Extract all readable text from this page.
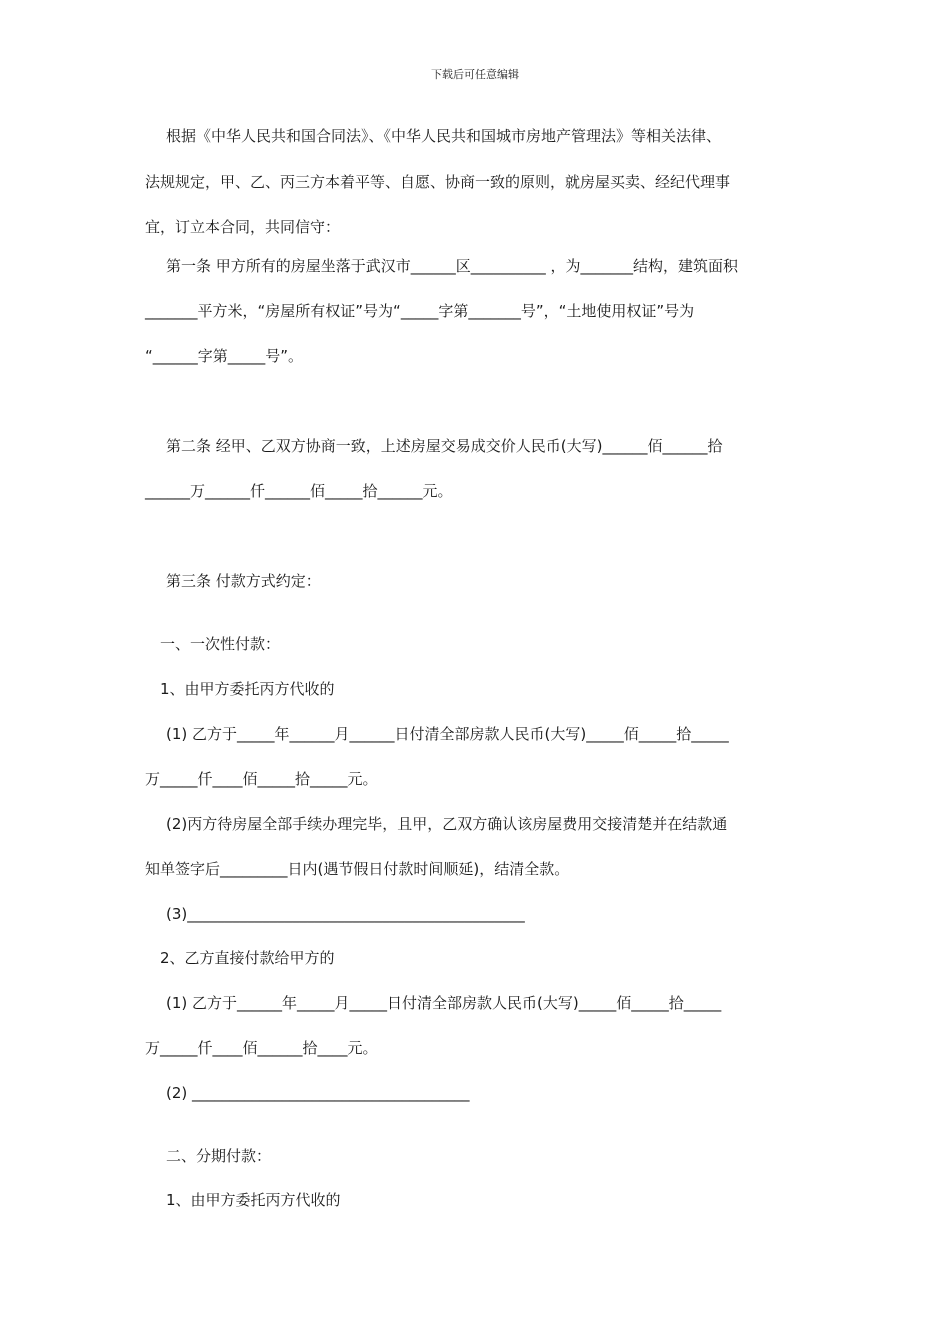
下载后可任意编辑
根据《中华人民共和国合同法》、《中华人民共和国城市房地产管理法》等相关法律、
法规规定，甲、乙、丙三方本着平等、自愿、协商一致的原则，就房屋买卖、经纪代理事
宜，订立本合同，共同信守：
第一条 甲方所有的房屋坐落于武汉市______区__________ ，为_______结构，建筑面积
_______平方米，“房屋所有权证”号为“_____字第_______号”，“土地使用权证”号为
“______字第_____号”。
第二条 经甲、乙双方协商一致，上述房屋交易成交价人民币(大写)______佰______拾
______万______仟______佰_____拾______元。
第三条 付款方式约定：
一、一次性付款：
1、由甲方委托丙方代收的
(1) 乙方于_____年______月______日付清全部房款人民币(大写)_____佰_____拾_____
万_____仟____佰_____拾_____元。
(2)丙方待房屋全部手续办理完毕，且甲，乙双方确认该房屋费用交接清楚并在结款通
知单签字后_________日内(遇节假日付款时间顺延)，结清全款。
(3)_____________________________________________
2、乙方直接付款给甲方的
(1) 乙方于______年_____月_____日付清全部房款人民币(大写)_____佰_____拾_____
万_____仟____佰______拾____元。
(2) _____________________________________
二、分期付款：
1、由甲方委托丙方代收的
